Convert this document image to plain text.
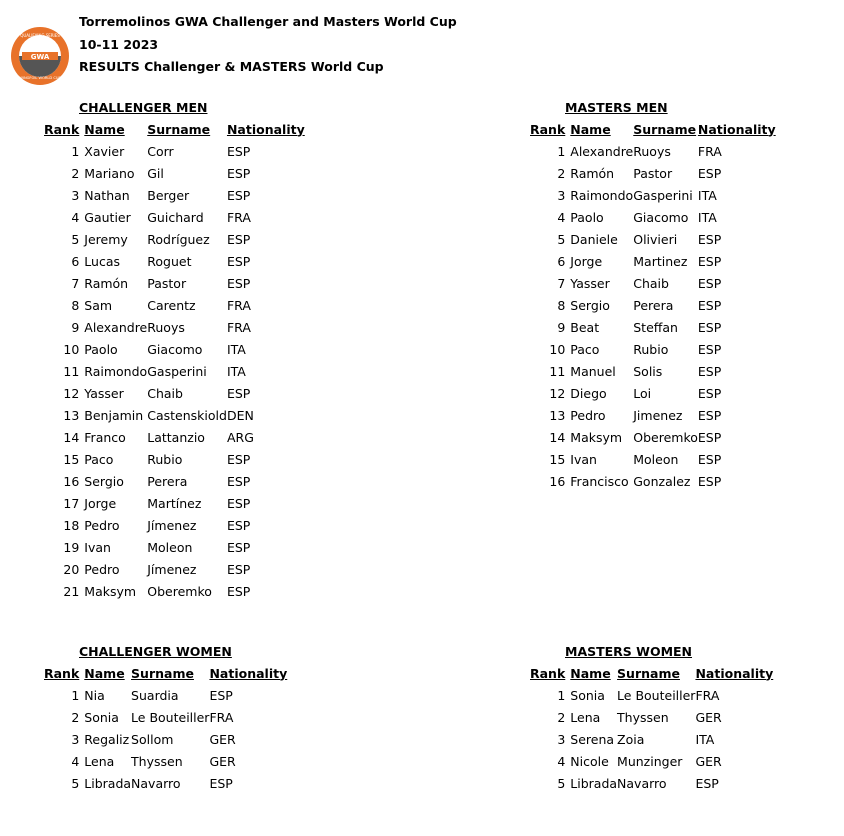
GWA
QUALIFYING SERIES
WINGFOIL WORLD CUP
Torremolinos GWA Challenger and Masters World Cup
10-11 2023
RESULTS Challenger & MASTERS World Cup
CHALLENGER MEN
Rank	Name	Surname	Nationality
1	Xavier	Corr	ESP
2	Mariano	Gil	ESP
3	Nathan	Berger	ESP
4	Gautier	Guichard	FRA
5	Jeremy	Rodríguez	ESP
6	Lucas	Roguet	ESP
7	Ramón	Pastor	ESP
8	Sam	Carentz	FRA
9	Alexandre	Ruoys	FRA
10	Paolo	Giacomo	ITA
11	Raimondo	Gasperini	ITA
12	Yasser	Chaib	ESP
13	Benjamin	Castenskiold	DEN
14	Franco	Lattanzio	ARG
15	Paco	Rubio	ESP
16	Sergio	Perera	ESP
17	Jorge	Martínez	ESP
18	Pedro	Jímenez	ESP
19	Ivan	Moleon	ESP
20	Pedro	Jímenez	ESP
21	Maksym	Oberemko	ESP
MASTERS MEN
Rank	Name	Surname	Nationality
1	Alexandre	Ruoys	FRA
2	Ramón	Pastor	ESP
3	Raimondo	Gasperini	ITA
4	Paolo	Giacomo	ITA
5	Daniele	Olivieri	ESP
6	Jorge	Martinez	ESP
7	Yasser	Chaib	ESP
8	Sergio	Perera	ESP
9	Beat	Steffan	ESP
10	Paco	Rubio	ESP
11	Manuel	Solis	ESP
12	Diego	Loi	ESP
13	Pedro	Jimenez	ESP
14	Maksym	Oberemko	ESP
15	Ivan	Moleon	ESP
16	Francisco	Gonzalez	ESP
CHALLENGER WOMEN
Rank	Name	Surname	Nationality
1	Nia	Suardia	ESP
2	Sonia	Le Bouteiller	FRA
3	Regaliz	Sollom	GER
4	Lena	Thyssen	GER
5	Librada	Navarro	ESP
MASTERS WOMEN
Rank	Name	Surname	Nationality
1	Sonia	Le Bouteiller	FRA
2	Lena	Thyssen	GER
3	Serena	Zoia	ITA
4	Nicole	Munzinger	GER
5	Librada	Navarro	ESP
